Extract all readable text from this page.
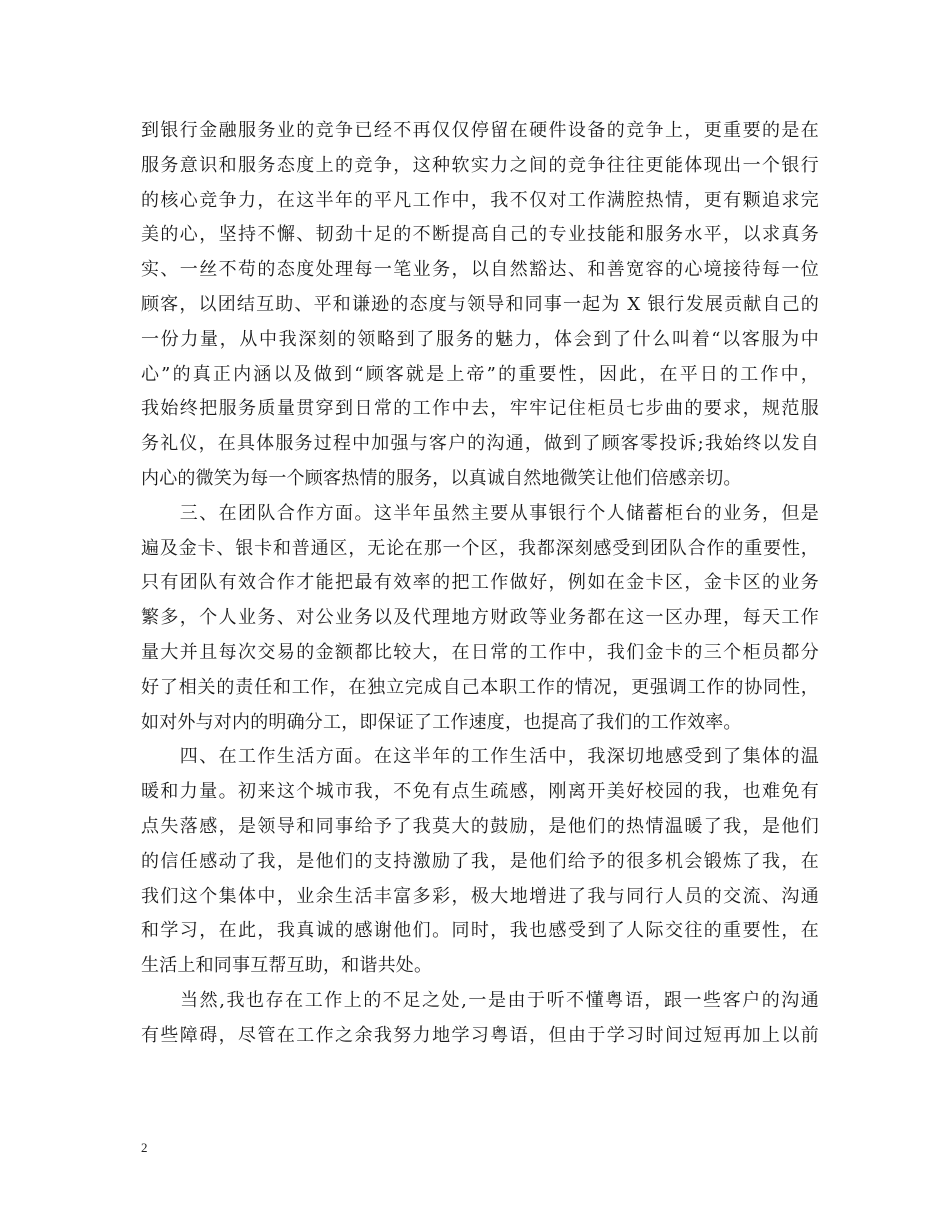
到银行金融服务业的竞争已经不再仅仅停留在硬件设备的竞争上，更重要的是在
服务意识和服务态度上的竞争，这种软实力之间的竞争往往更能体现出一个银行
的核心竞争力，在这半年的平凡工作中，我不仅对工作满腔热情，更有颗追求完
美的心，坚持不懈、韧劲十足的不断提高自己的专业技能和服务水平，以求真务
实、一丝不苟的态度处理每一笔业务，以自然豁达、和善宽容的心境接待每一位
顾客，以团结互助、平和谦逊的态度与领导和同事一起为 X 银行发展贡献自己的
一份力量，从中我深刻的领略到了服务的魅力，体会到了什么叫着“以客服为中
心”的真正内涵以及做到“顾客就是上帝”的重要性，因此，在平日的工作中，
我始终把服务质量贯穿到日常的工作中去，牢牢记住柜员七步曲的要求，规范服
务礼仪，在具体服务过程中加强与客户的沟通，做到了顾客零投诉;我始终以发自
内心的微笑为每一个顾客热情的服务，以真诚自然地微笑让他们倍感亲切。
　　三、在团队合作方面。这半年虽然主要从事银行个人储蓄柜台的业务，但是
遍及金卡、银卡和普通区，无论在那一个区，我都深刻感受到团队合作的重要性，
只有团队有效合作才能把最有效率的把工作做好，例如在金卡区，金卡区的业务
繁多，个人业务、对公业务以及代理地方财政等业务都在这一区办理，每天工作
量大并且每次交易的金额都比较大，在日常的工作中，我们金卡的三个柜员都分
好了相关的责任和工作，在独立完成自己本职工作的情况，更强调工作的协同性，
如对外与对内的明确分工，即保证了工作速度，也提高了我们的工作效率。
　　四、在工作生活方面。在这半年的工作生活中，我深切地感受到了集体的温
暖和力量。初来这个城市我，不免有点生疏感，刚离开美好校园的我，也难免有
点失落感，是领导和同事给予了我莫大的鼓励，是他们的热情温暖了我，是他们
的信任感动了我，是他们的支持激励了我，是他们给予的很多机会锻炼了我，在
我们这个集体中，业余生活丰富多彩，极大地增进了我与同行人员的交流、沟通
和学习，在此，我真诚的感谢他们。同时，我也感受到了人际交往的重要性，在
生活上和同事互帮互助，和谐共处。
　　当然,我也存在工作上的不足之处,一是由于听不懂粤语，跟一些客户的沟通
有些障碍，尽管在工作之余我努力地学习粤语，但由于学习时间过短再加上以前
2
